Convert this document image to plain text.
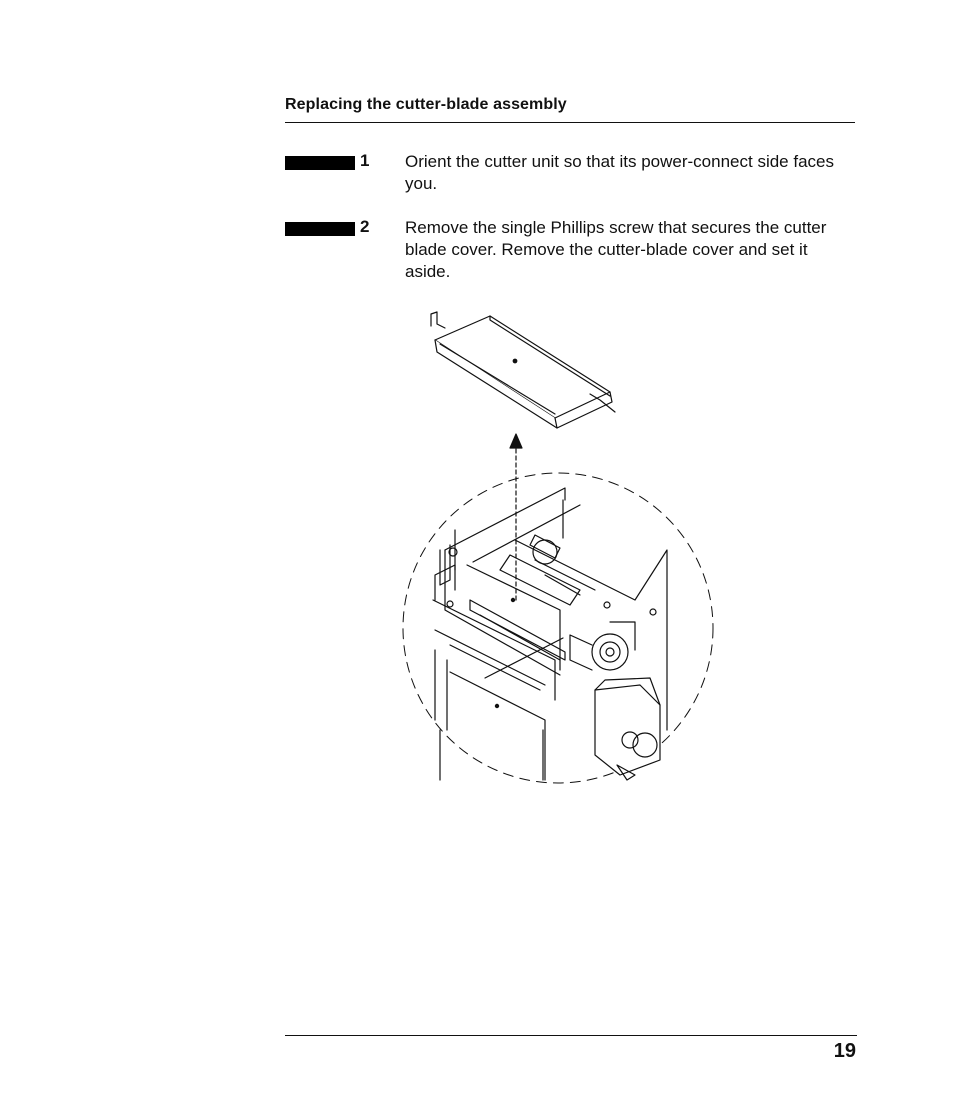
Replacing the cutter-blade assembly
1 Orient the cutter unit so that its power-connect side faces you.
2 Remove the single Phillips screw that secures the cutter blade cover. Remove the cutter-blade cover and set it aside.
19
